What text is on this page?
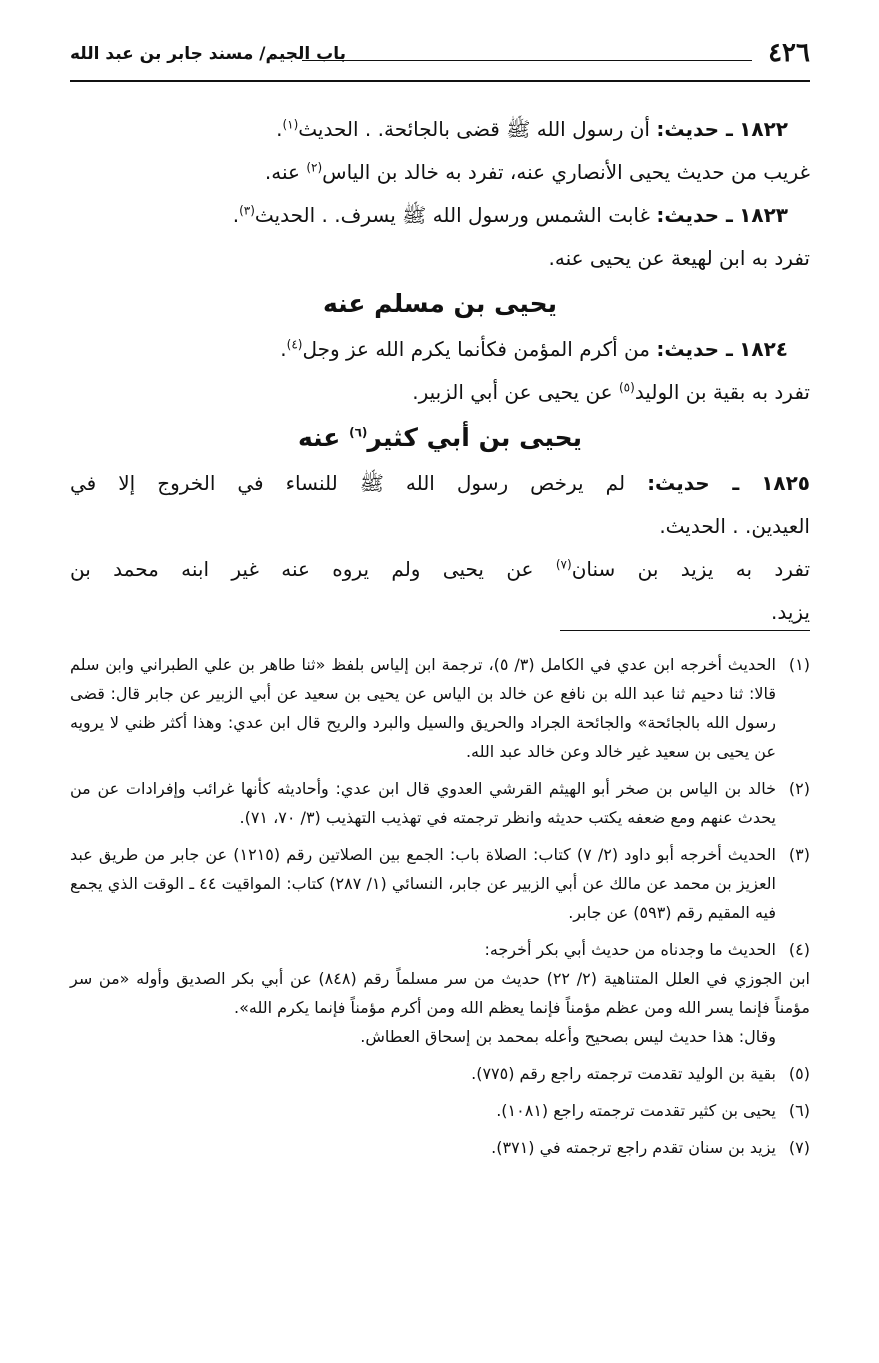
٤٢٦
باب الجيم/ مسند جابر بن عبد الله
١٨٢٢ ـ حديث: أن رسول الله ﷺ قضى بالجائحة. . الحديث$^{(١)}$.
غريب من حديث يحيى الأنصاري عنه، تفرد به خالد بن الياس$^{(٢)}$ عنه.
١٨٢٣ ـ حديث: غابت الشمس ورسول الله ﷺ يسرف. . الحديث$^{(٣)}$.
تفرد به ابن لهيعة عن يحيى عنه.
يحيى بن مسلم عنه
١٨٢٤ ـ حديث: من أكرم المؤمن فكأنما يكرم الله عز وجل$^{(٤)}$.
تفرد به بقية بن الوليد$^{(٥)}$ عن يحيى عن أبي الزبير.
يحيى بن أبي كثير$^{(٦)}$ عنه
١٨٢٥ ـ حديث: لم يرخص رسول الله ﷺ للنساء في الخروج إلا في
العيدين. . الحديث.
تفرد به يزيد بن سنان$^{(٧)}$ عن يحيى ولم يروه عنه غير ابنه محمد بن
يزيد.
(١)
الحديث أخرجه ابن عدي في الكامل (٣/ ٥)، ترجمة ابن إلياس بلفظ «ثنا طاهر بن علي الطبراني وابن سلم قالا: ثنا دحيم ثنا عبد الله بن نافع عن خالد بن الياس عن يحيى بن سعيد عن أبي الزبير عن جابر قال: قضى رسول الله بالجائحة» والجائحة الجراد والحريق والسيل والبرد والريح قال ابن عدي: وهذا أكثر ظني لا يرويه عن يحيى بن سعيد غير خالد وعن خالد عبد الله.
(٢)
خالد بن الياس بن صخر أبو الهيثم القرشي العدوي قال ابن عدي: وأحاديثه كأنها غرائب وإفرادات عن من يحدث عنهم ومع ضعفه يكتب حديثه وانظر ترجمته في تهذيب التهذيب (٣/ ٧٠، ٧١).
(٣)
الحديث أخرجه أبو داود (٢/ ٧) كتاب: الصلاة باب: الجمع بين الصلاتين رقم (١٢١٥) عن جابر من طريق عبد العزيز بن محمد عن مالك عن أبي الزبير عن جابر، النسائي (١/ ٢٨٧) كتاب: المواقيت ٤٤ ـ الوقت الذي يجمع فيه المقيم رقم (٥٩٣) عن جابر.
(٤)
الحديث ما وجدناه من حديث أبي بكر أخرجه:
ابن الجوزي في العلل المتناهية (٢/ ٢٢) حديث من سر مسلماً رقم (٨٤٨) عن أبي بكر الصديق وأوله «من سر مؤمناً فإنما يسر الله ومن عظم مؤمناً فإنما يعظم الله ومن أكرم مؤمناً فإنما يكرم الله».
وقال: هذا حديث ليس بصحيح وأعله بمحمد بن إسحاق العطاش.
(٥)
بقية بن الوليد تقدمت ترجمته راجع رقم (٧٧٥).
(٦)
يحيى بن كثير تقدمت ترجمته راجع (١٠٨١).
(٧)
يزيد بن سنان تقدم راجع ترجمته في (٣٧١).
